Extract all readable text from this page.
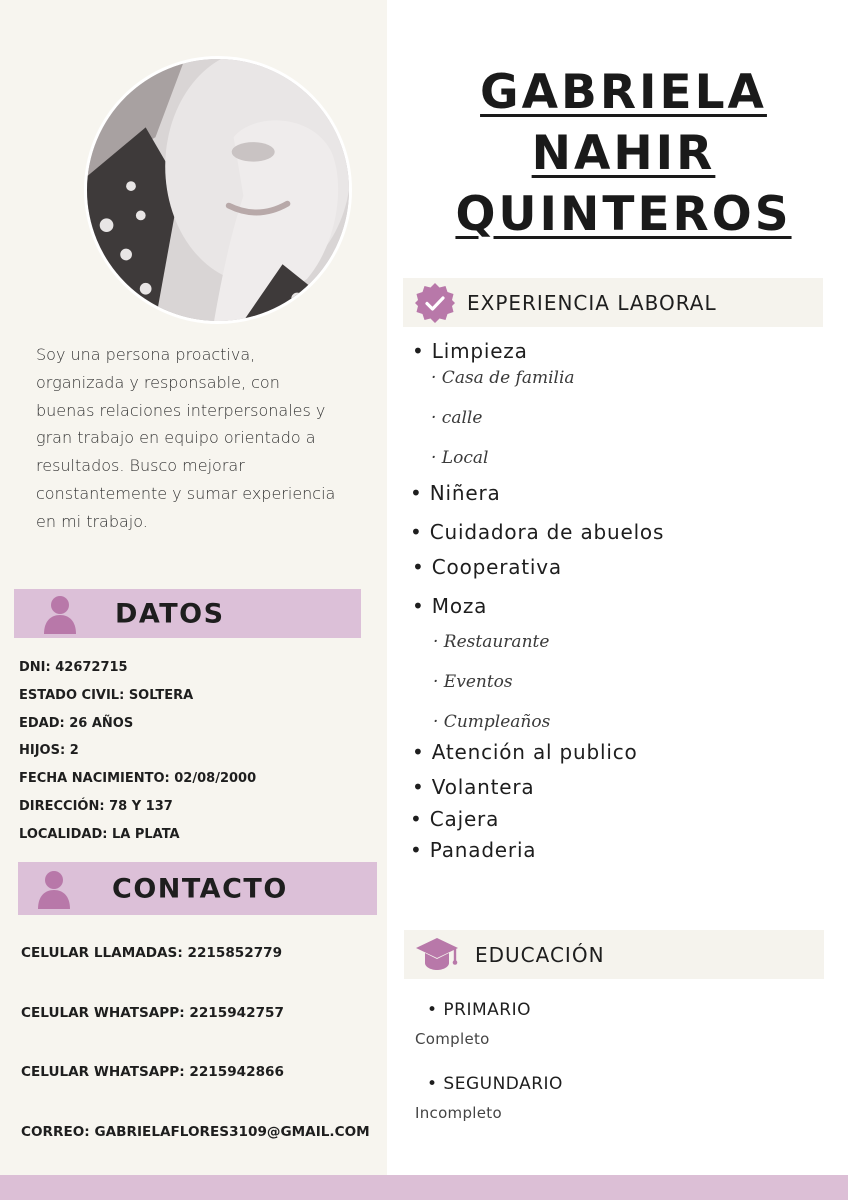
Soy una persona proactiva, organizada y responsable, con buenas relaciones interpersonales y gran trabajo en equipo orientado a resultados. Busco mejorar constantemente y sumar experiencia en mi trabajo.
DATOS
DNI: 42672715
ESTADO CIVIL: SOLTERA
EDAD: 26 AÑOS
HIJOS: 2
FECHA NACIMIENTO: 02/08/2000
DIRECCIÓN: 78 Y 137
LOCALIDAD: LA PLATA
CONTACTO
CELULAR LLAMADAS: 2215852779
CELULAR WHATSAPP: 2215942757
CELULAR WHATSAPP: 2215942866
CORREO: GABRIELAFLORES3109@GMAIL.COM
GABRIELA
NAHIR
QUINTEROS
EXPERIENCIA LABORAL
• Limpieza
· Casa de familia
· calle
· Local
• Niñera
• Cuidadora de abuelos
• Cooperativa
• Moza
· Restaurante
· Eventos
· Cumpleaños
• Atención al publico
• Volantera
• Cajera
• Panaderia
EDUCACIÓN
• PRIMARIO
Completo
• SEGUNDARIO
Incompleto
